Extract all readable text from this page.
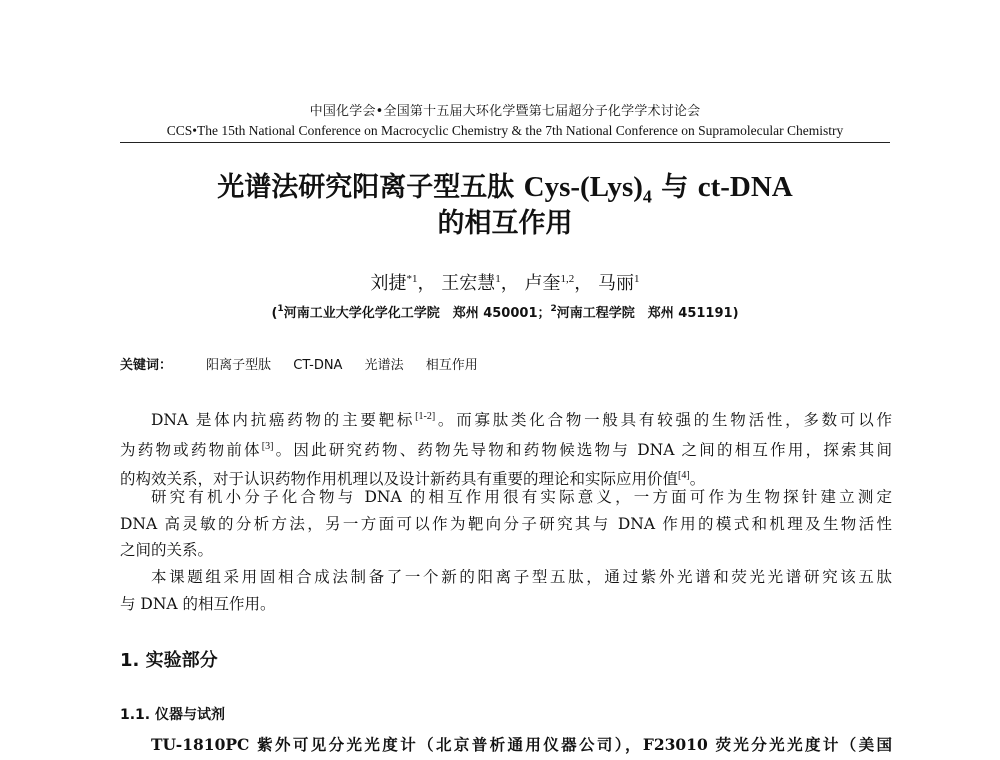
中国化学会•全国第十五届大环化学暨第七届超分子化学学术讨论会
CCS•The 15th National Conference on Macrocyclic Chemistry & the 7th National Conference on Supramolecular Chemistry
光谱法研究阳离子型五肽 Cys-$(Lys)_4$ 与 ct-DNA
的相互作用
刘捷$^{*1}$， 王宏慧$^1$， 卢奎$^{1,2}$， 马丽$^1$
($^1$河南工业大学化学化工学院　郑州 450001；$^2$河南工程学院　郑州 451191)
关键词：	阳离子型肽 CT-DNA 光谱法 相互作用
DNA 是体内抗癌药物的主要靶标[1-2]。而寡肽类化合物一般具有较强的生物活性，多数可以作
为药物或药物前体[3]。因此研究药物、药物先导物和药物候选物与 DNA 之间的相互作用，探索其间
的构效关系，对于认识药物作用机理以及设计新药具有重要的理论和实际应用价值[4]。
研究有机小分子化合物与 DNA 的相互作用很有实际意义，一方面可作为生物探针建立测定
DNA 高灵敏的分析方法，另一方面可以作为靶向分子研究其与 DNA 作用的模式和机理及生物活性
之间的关系。
本课题组采用固相合成法制备了一个新的阳离子型五肽，通过紫外光谱和荧光光谱研究该五肽
与 DNA 的相互作用。
1. 实验部分
1.1. 仪器与试剂
TU-1810PC 紫外可见分光光度计（北京普析通用仪器公司），F23010 荧光分光光度计（美国
